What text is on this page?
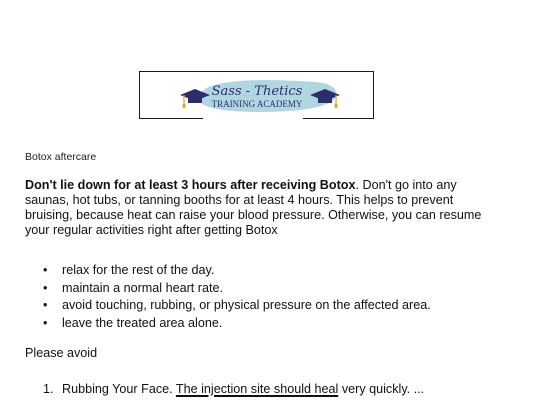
Sass - Thetics
TRAINING ACADEMY
Botox aftercare
Don't lie down for at least 3 hours after receiving Botox. Don't go into any saunas, hot tubs, or tanning booths for at least 4 hours. This helps to prevent bruising, because heat can raise your blood pressure. Otherwise, you can resume your regular activities right after getting Botox
• relax for the rest of the day.
• maintain a normal heart rate.
• avoid touching, rubbing, or physical pressure on the affected area.
• leave the treated area alone.
Please avoid
1. Rubbing Your Face. The injection site should heal very quickly. ...
